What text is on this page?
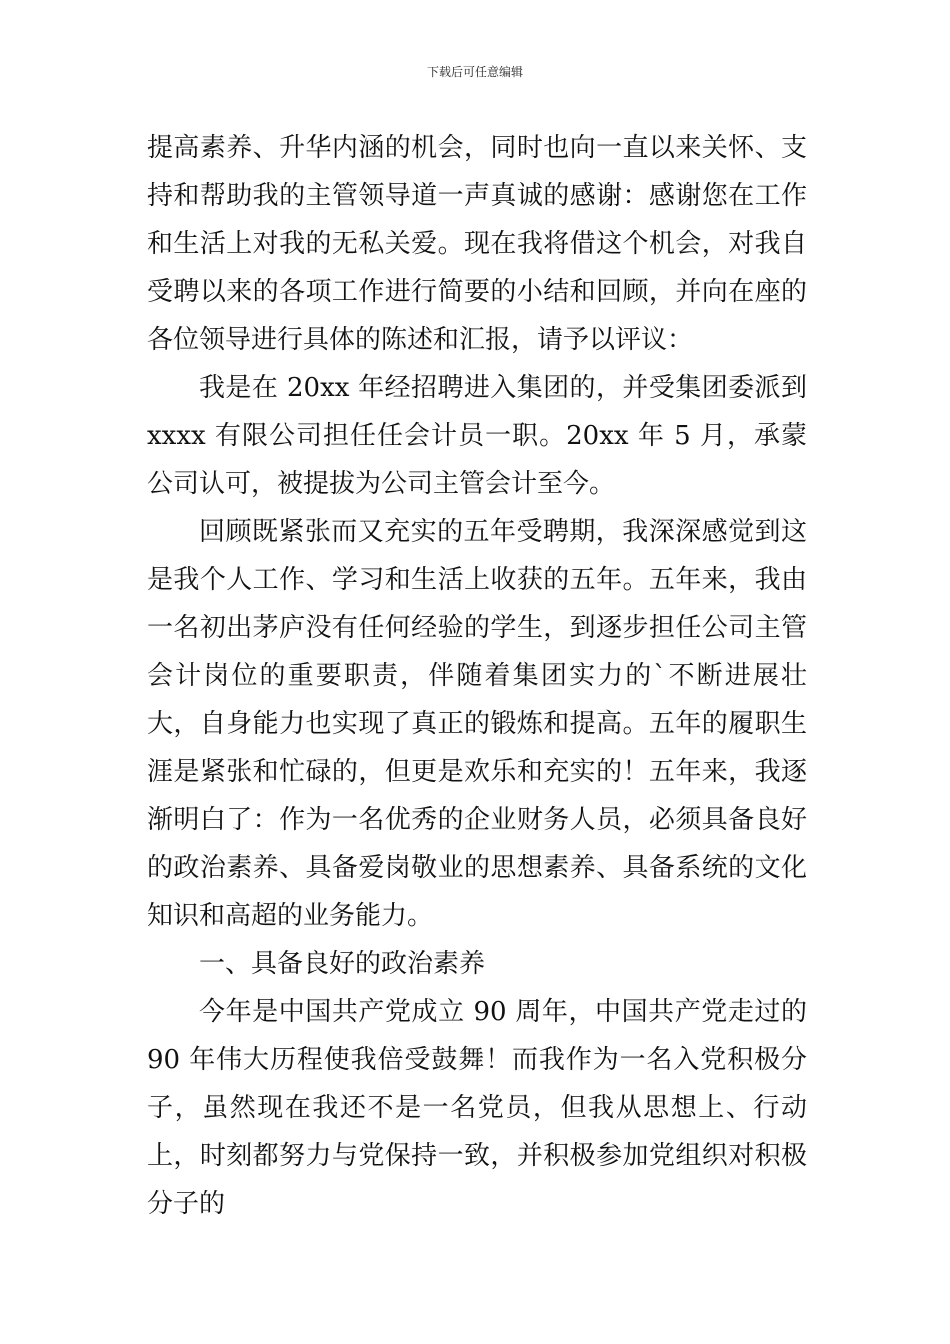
下载后可任意编辑

提高素养、升华内涵的机会，同时也向一直以来关怀、支持和帮助我的主管领导道一声真诚的感谢：感谢您在工作和生活上对我的无私关爱。现在我将借这个机会，对我自受聘以来的各项工作进行简要的小结和回顾，并向在座的各位领导进行具体的陈述和汇报，请予以评议：

我是在 20xx 年经招聘进入集团的，并受集团委派到 xxxx 有限公司担任任会计员一职。20xx 年 5 月，承蒙公司认可，被提拔为公司主管会计至今。

回顾既紧张而又充实的五年受聘期，我深深感觉到这是我个人工作、学习和生活上收获的五年。五年来，我由一名初出茅庐没有任何经验的学生，到逐步担任公司主管会计岗位的重要职责，伴随着集团实力的`不断进展壮大，自身能力也实现了真正的锻炼和提高。五年的履职生涯是紧张和忙碌的，但更是欢乐和充实的！五年来，我逐渐明白了：作为一名优秀的企业财务人员，必须具备良好的政治素养、具备爱岗敬业的思想素养、具备系统的文化知识和高超的业务能力。

一、具备良好的政治素养

今年是中国共产党成立 90 周年，中国共产党走过的 90 年伟大历程使我倍受鼓舞！而我作为一名入党积极分子，虽然现在我还不是一名党员，但我从思想上、行动上，时刻都努力与党保持一致，并积极参加党组织对积极分子的
